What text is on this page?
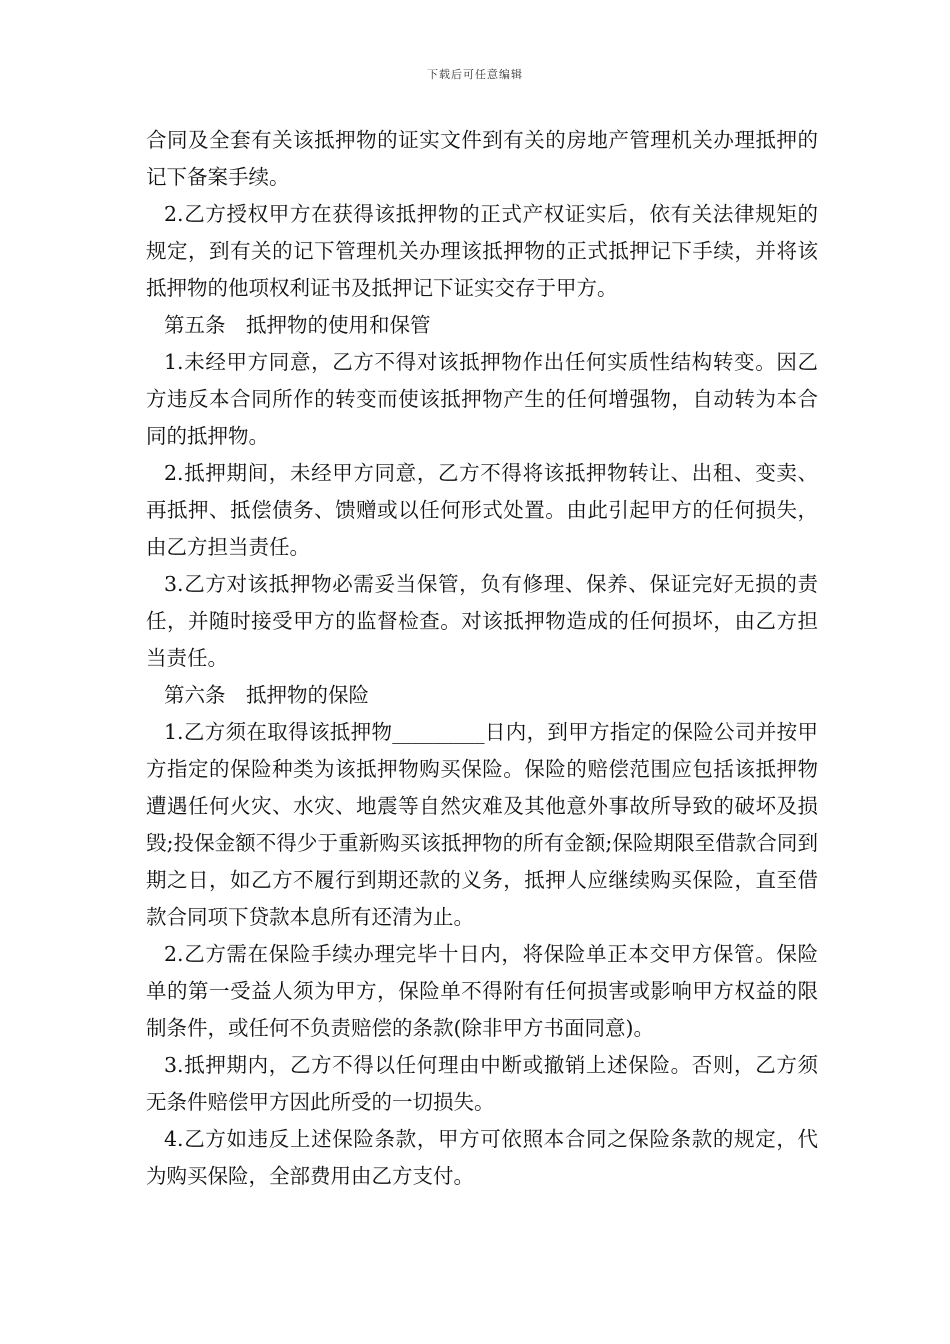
下载后可任意编辑

合同及全套有关该抵押物的证实文件到有关的房地产管理机关办理抵押的记下备案手续。

2.乙方授权甲方在获得该抵押物的正式产权证实后，依有关法律规矩的规定，到有关的记下管理机关办理该抵押物的正式抵押记下手续，并将该抵押物的他项权利证书及抵押记下证实交存于甲方。

第五条　抵押物的使用和保管

1.未经甲方同意，乙方不得对该抵押物作出任何实质性结构转变。因乙方违反本合同所作的转变而使该抵押物产生的任何增强物，自动转为本合同的抵押物。

2.抵押期间，未经甲方同意，乙方不得将该抵押物转让、出租、变卖、再抵押、抵偿债务、馈赠或以任何形式处置。由此引起甲方的任何损失，由乙方担当责任。

3.乙方对该抵押物必需妥当保管，负有修理、保养、保证完好无损的责任，并随时接受甲方的监督检查。对该抵押物造成的任何损坏，由乙方担当责任。

第六条　抵押物的保险

1.乙方须在取得该抵押物_________日内，到甲方指定的保险公司并按甲方指定的保险种类为该抵押物购买保险。保险的赔偿范围应包括该抵押物遭遇任何火灾、水灾、地震等自然灾难及其他意外事故所导致的破坏及损毁;投保金额不得少于重新购买该抵押物的所有金额;保险期限至借款合同到期之日，如乙方不履行到期还款的义务，抵押人应继续购买保险，直至借款合同项下贷款本息所有还清为止。

2.乙方需在保险手续办理完毕十日内，将保险单正本交甲方保管。保险单的第一受益人须为甲方，保险单不得附有任何损害或影响甲方权益的限制条件，或任何不负责赔偿的条款(除非甲方书面同意)。

3.抵押期内，乙方不得以任何理由中断或撤销上述保险。否则，乙方须无条件赔偿甲方因此所受的一切损失。

4.乙方如违反上述保险条款，甲方可依照本合同之保险条款的规定，代为购买保险，全部费用由乙方支付。
